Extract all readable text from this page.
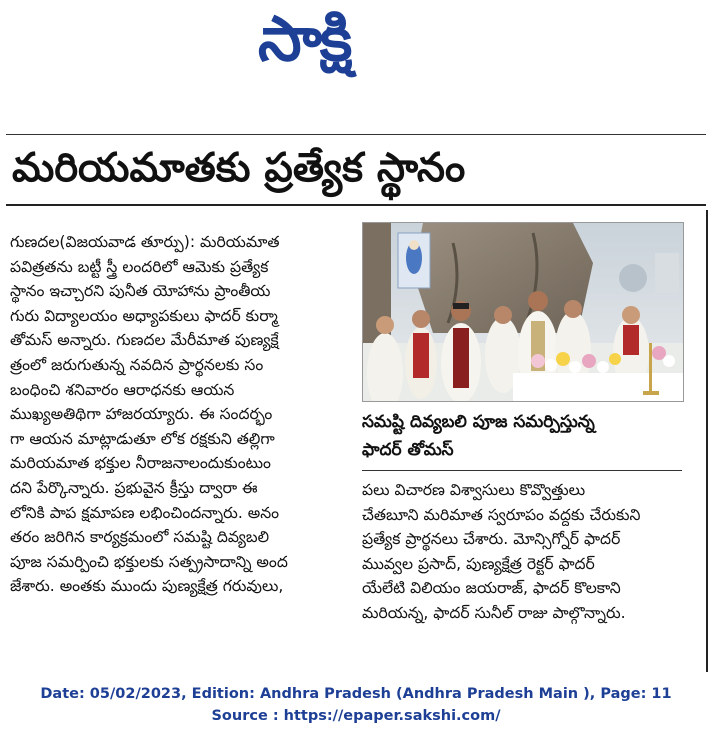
సాక్షి
మరియమాతకు ప్రత్యేక స్థానం
గుణదల(విజయవాడ తూర్పు): మరియమాత
పవిత్రతను బట్టీ స్త్రీ లందరిలో ఆమెకు ప్రత్యేక
స్థానం ఇచ్చారని పునీత యోహాను ప్రాంతీయ
గురు విద్యాలయం అధ్యాపకులు ఫాదర్ కుర్మా
తోమస్ అన్నారు. గుణదల మేరీమాత పుణ్యక్షే
త్రంలో జరుగుతున్న నవదిన ప్రార్థనలకు సం
బంధించి శనివారం ఆరాధనకు ఆయన
ముఖ్యఅతిథిగా హాజరయ్యారు. ఈ సందర్భం
గా ఆయన మాట్లాడుతూ లోక రక్షకుని తల్లిగా
మరియమాత భక్తుల నీరాజనాలందుకుంటుం
దని పేర్కొన్నారు. ప్రభువైన క్రీస్తు ద్వారా ఈ
లోనికి పాప క్షమాపణ లభించిందన్నారు. అనం
తరం జరిగిన కార్యక్రమంలో సమష్టి దివ్యబలి
పూజ సమర్పించి భక్తులకు సత్ప్రసాదాన్ని అంద
జేశారు. అంతకు ముందు పుణ్యక్షేత్ర గరువులు,
సమష్టి దివ్యబలి పూజ సమర్పిస్తున్న
ఫాదర్ తోమస్
పలు విచారణ విశ్వాసులు కొవ్వొత్తులు
చేతబూని మరిమాత స్వరూపం వద్దకు చేరుకుని
ప్రత్యేక ప్రార్థనలు చేశారు. మోన్సిగ్నోర్ ఫాదర్
మువ్వల ప్రసాద్, పుణ్యక్షేత్ర రెక్టర్ ఫాదర్
యేలేటి విలియం జయరాజ్, ఫాదర్ కొలకాని
మరియన్న, ఫాదర్ సునీల్ రాజు పాల్గొన్నారు.
Date: 05/02/2023, Edition: Andhra Pradesh (Andhra Pradesh Main ), Page: 11
Source : https://epaper.sakshi.com/
